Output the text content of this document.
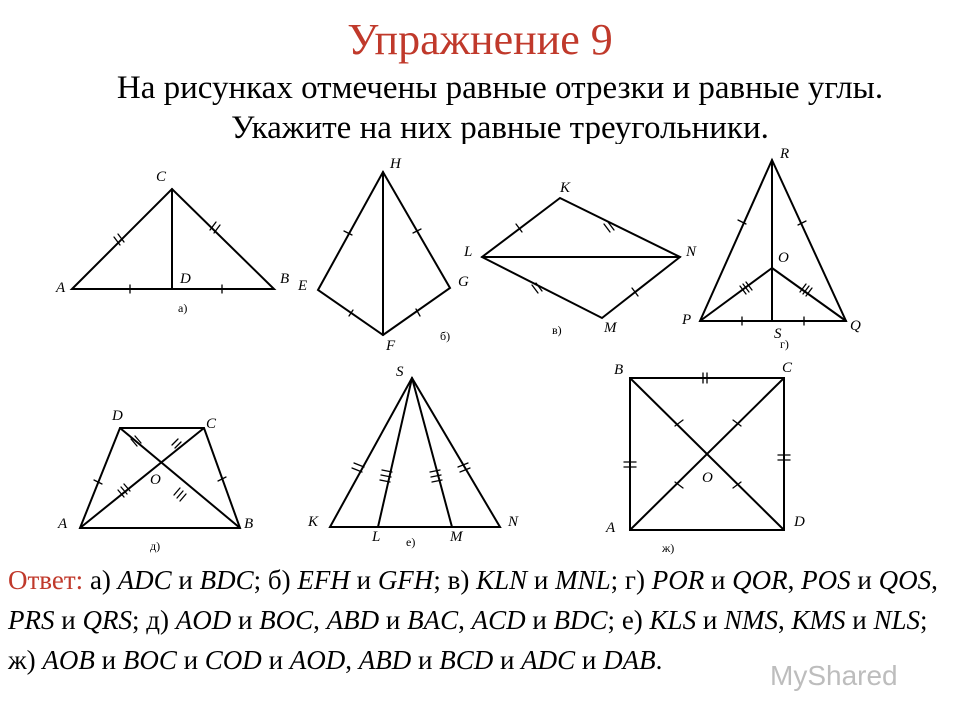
Упражнение 9
На рисунках отмечены равные отрезки и равные углы. Укажите на них равные треугольники.
C
A
D	B
а)
H
E	G
F
б)
K
L	N
M
в)
R
O
P
S	Q
г)
D	C
O
A	B
д)
S
K
L	M
N
е)
B	C
O
A	D
ж)
Ответ: а) ADC и BDC; б) EFH и GFH; в) KLN и MNL; г) POR и QOR, POS и QOS, PRS и QRS; д) AOD и BOC, ABD и BAC, ACD и BDC; е) KLS и NMS, KMS и NLS; ж) AOB и BOC и COD и AOD, ABD и BCD и ADC и DAB.	MyShared
